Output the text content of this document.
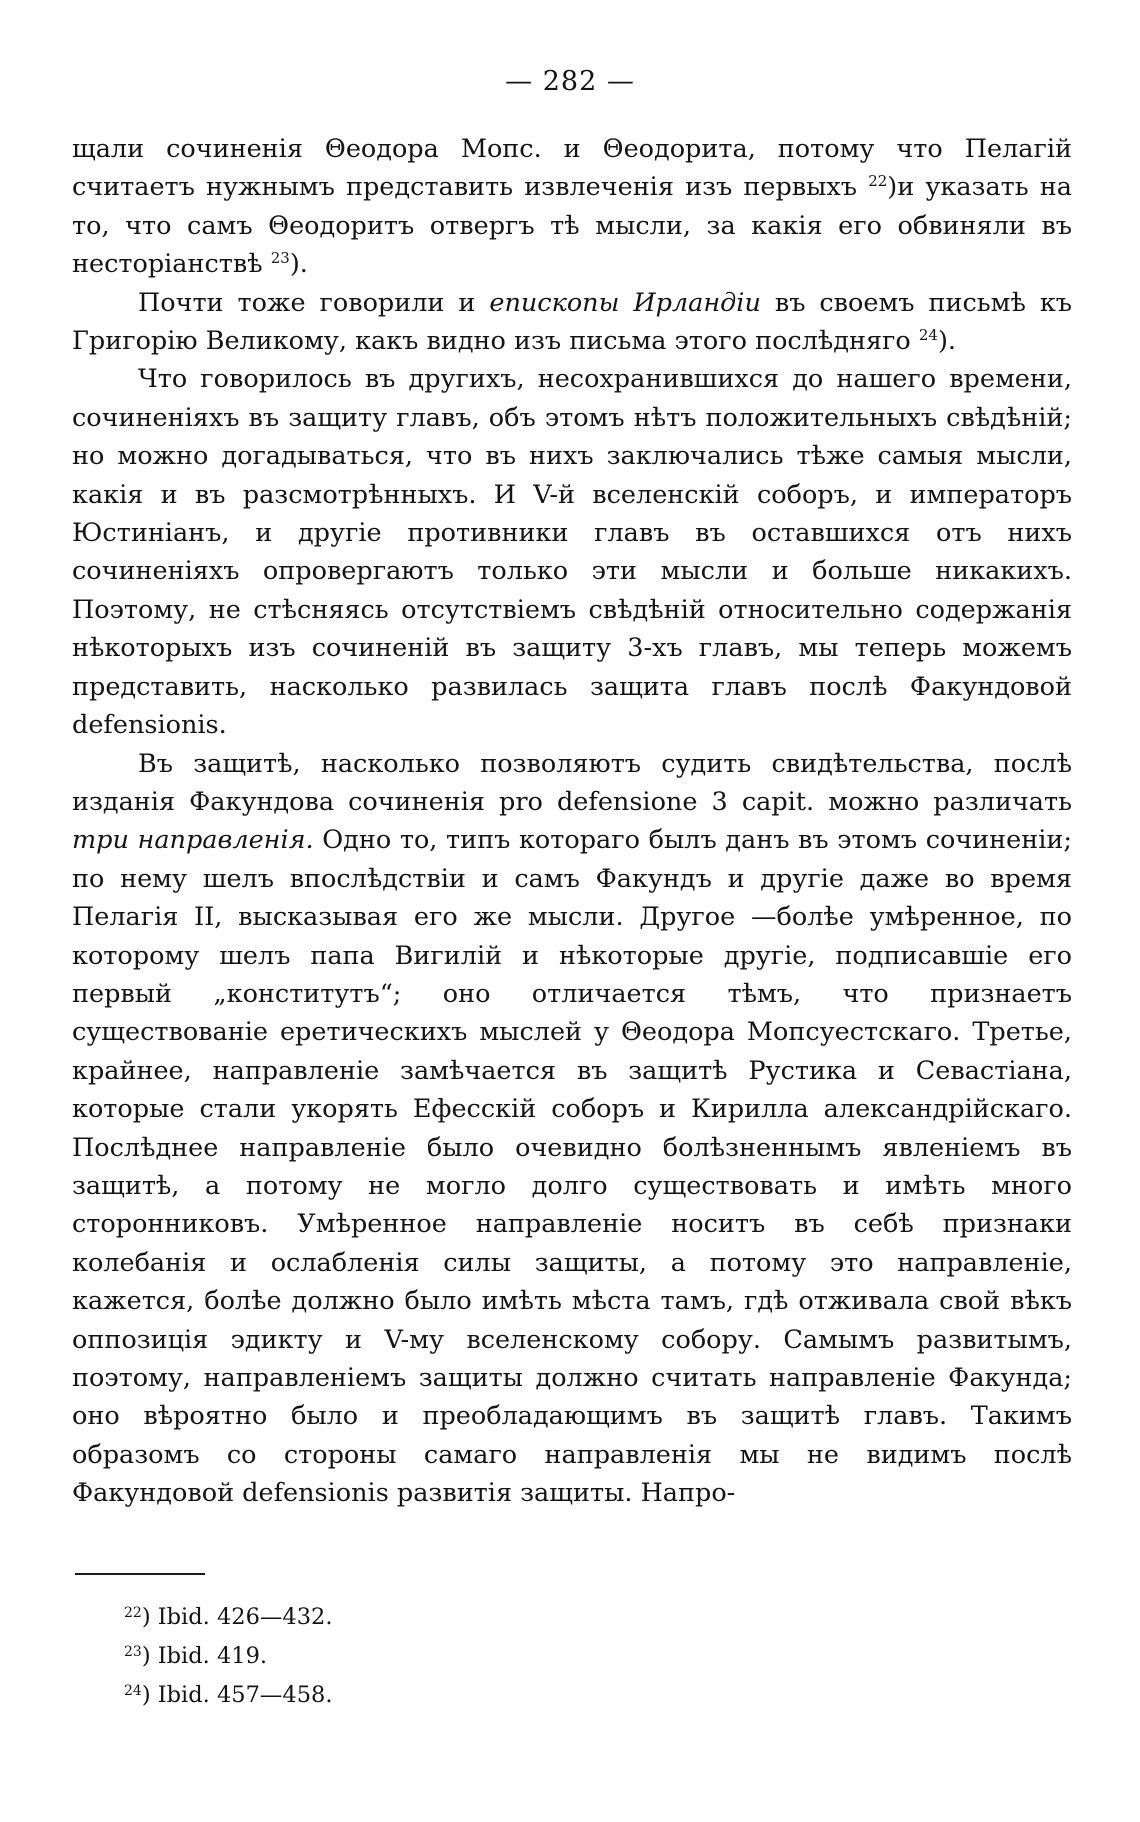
— 282 —

щали сочиненія Θеодора Мопс. и Θеодорита, потому что Пелагій считаетъ нужнымъ представить извлеченія изъ первыхъ $^{22}$)и указать на то, что самъ Θеодоритъ отвергъ тѣ мысли, за какія его обвиняли въ несторіанствѣ $^{23}$).

Почти тоже говорили и епископы Ирландіи въ своемъ письмѣ къ Григорію Великому, какъ видно изъ письма этого послѣдняго $^{24}$).

Что говорилось въ другихъ, несохранившихся до нашего времени, сочиненіяхъ въ защиту главъ, объ этомъ нѣтъ положительныхъ свѣдѣній; но можно догадываться, что въ нихъ заключались тѣже самыя мысли, какія и въ разсмотрѣнныхъ. И V-й вселенскій соборъ, и императоръ Юстиніанъ, и другіе противники главъ въ оставшихся отъ нихъ сочиненіяхъ опровергаютъ только эти мысли и больше никакихъ. Поэтому, не стѣсняясь отсутствіемъ свѣдѣній относительно содержанія нѣкоторыхъ изъ сочиненій въ защиту 3-хъ главъ, мы теперь можемъ представить, насколько развилась защита главъ послѣ Факундовой defensionis.

Въ защитѣ, насколько позволяютъ судить свидѣтельства, послѣ изданія Факундова сочиненія pro defensione 3 capit. можно различать три направленія. Одно то, типъ котораго былъ данъ въ этомъ сочиненіи; по нему шелъ впослѣдствіи и самъ Факундъ и другіе даже во время Пелагія II, высказывая его же мысли. Другое —болѣе умѣренное, по которому шелъ папа Вигилій и нѣкоторые другіе, подписавшіе его первый „конститутъ“; оно отличается тѣмъ, что признаетъ существованіе еретическихъ мыслей у Θеодора Мопсуестскаго. Третье, крайнее, направленіе замѣчается въ защитѣ Рустика и Севастіана, которые стали укорять Ефесскій соборъ и Кирилла александрійскаго. Послѣднее направленіе было очевидно болѣзненнымъ явленіемъ въ защитѣ, а потому не могло долго существовать и имѣть много сторонниковъ. Умѣренное направленіе носитъ въ себѣ признаки колебанія и ослабленія силы защиты, а потому это направленіе, кажется, болѣе должно было имѣть мѣста тамъ, гдѣ отживала свой вѣкъ оппозиція эдикту и V-му вселенскому собору. Самымъ развитымъ, поэтому, направленіемъ защиты должно считать направленіе Факунда; оно вѣроятно было и преобладающимъ въ защитѣ главъ. Такимъ образомъ со стороны самаго направленія мы не видимъ послѣ Факундовой defensionis развитія защиты. Напро-

$^{22}$) Ibid. 426—432.
$^{23}$) Ibid. 419.
$^{24}$) Ibid. 457—458.
